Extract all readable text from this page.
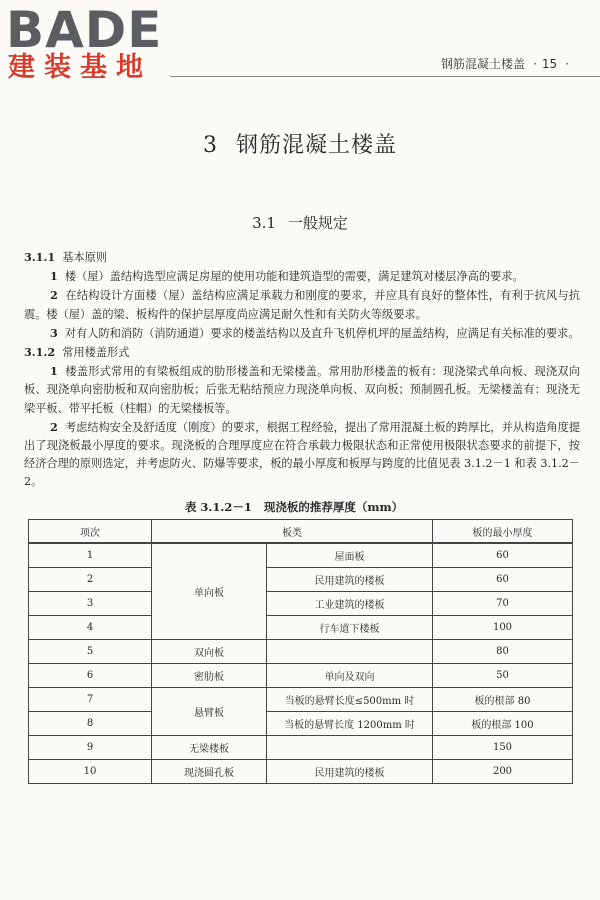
BADE
建装基地	钢筋混凝土楼盖 · 15 ·
3 钢筋混凝土楼盖
3.1 一般规定

3.1.1 基本原则

1 楼（屋）盖结构选型应满足房屋的使用功能和建筑造型的需要，满足建筑对楼层净高的要求。

2 在结构设计方面楼（屋）盖结构应满足承载力和刚度的要求，并应具有良好的整体性，有利于抗风与抗震。楼（屋）盖的梁、板构件的保护层厚度尚应满足耐久性和有关防火等级要求。

3 对有人防和消防（消防通道）要求的楼盖结构以及直升飞机停机坪的屋盖结构，应满足有关标准的要求。

3.1.2 常用楼盖形式

1 楼盖形式常用的有梁板组成的肋形楼盖和无梁楼盖。常用肋形楼盖的板有：现浇梁式单向板、现浇双向板、现浇单向密肋板和双向密肋板；后张无粘结预应力现浇单向板、双向板；预制圆孔板。无梁楼盖有：现浇无梁平板、带平托板（柱帽）的无梁楼板等。

2 考虑结构安全及舒适度（刚度）的要求，根据工程经验，提出了常用混凝土板的跨厚比，并从构造角度提出了现浇板最小厚度的要求。现浇板的合理厚度应在符合承载力极限状态和正常使用极限状态要求的前提下，按经济合理的原则选定，并考虑防火、防爆等要求，板的最小厚度和板厚与跨度的比值见表 3.1.2－1 和表 3.1.2－2。

表 3.1.2－1 现浇板的推荐厚度（mm）
项次	板类		板的最小厚度
1	单向板	屋面板	60
2		民用建筑的楼板	60
3		工业建筑的楼板	70
4		行车道下楼板	100
5	双向板		80
6	密肋板	单向及双向	50
7	悬臂板	当板的悬臂长度≤500mm 时	板的根部 80
8		当板的悬臂长度 1200mm 时	板的根部 100
9	无梁楼板		150
10	现浇圆孔板	民用建筑的楼板	200
